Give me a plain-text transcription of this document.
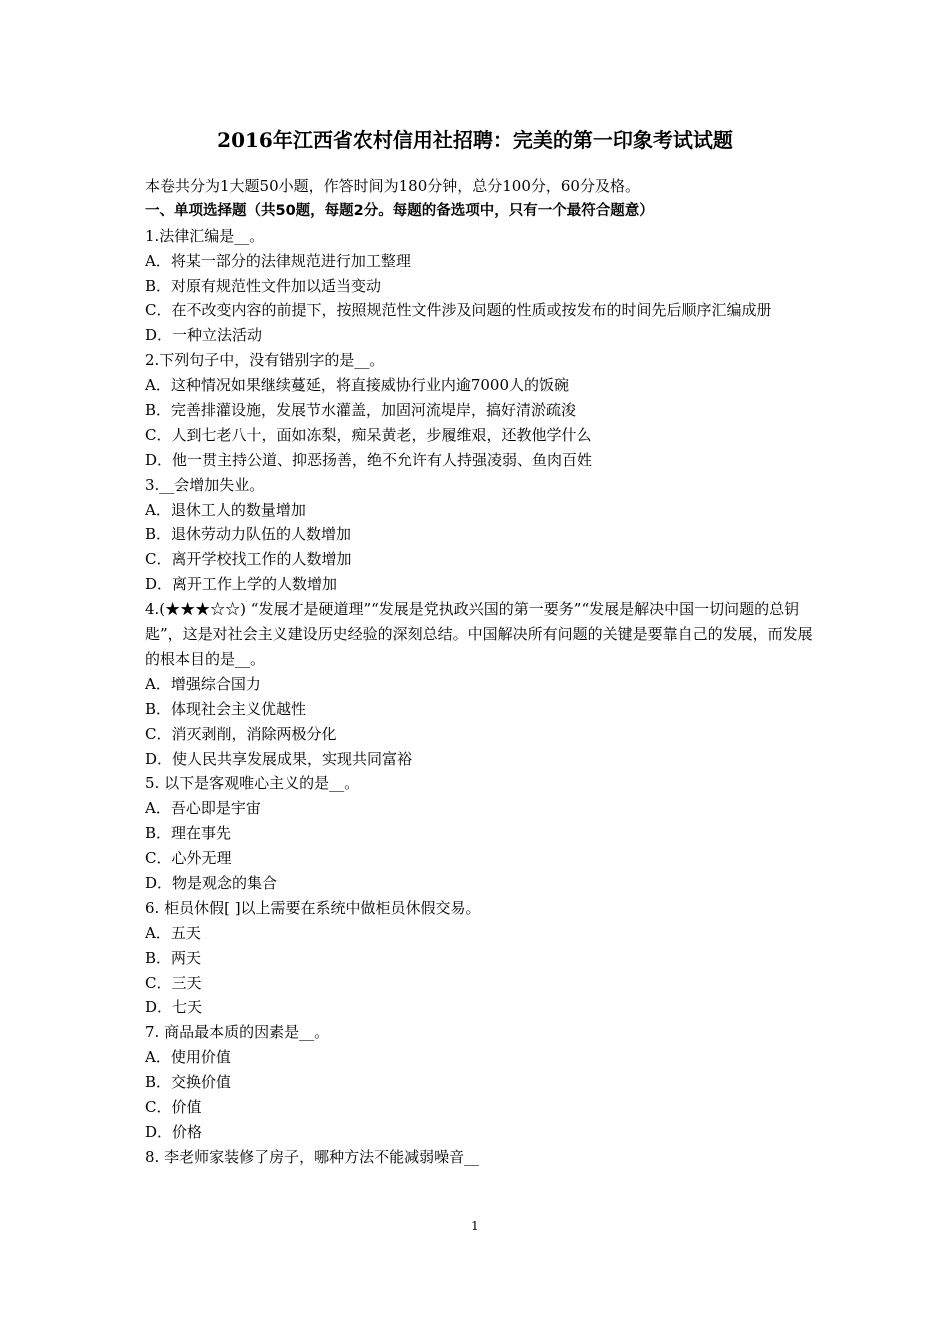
2016年江西省农村信用社招聘：完美的第一印象考试试题
本卷共分为1大题50小题，作答时间为180分钟，总分100分，60分及格。
一、单项选择题（共50题，每题2分。每题的备选项中，只有一个最符合题意）
1.法律汇编是__。
A．将某一部分的法律规范进行加工整理
B．对原有规范性文件加以适当变动
C．在不改变内容的前提下，按照规范性文件涉及问题的性质或按发布的时间先后顺序汇编成册
D．一种立法活动
2.下列句子中，没有错别字的是__。
A．这种情况如果继续蔓延，将直接威协行业内逾7000人的饭碗
B．完善排灌设施，发展节水灌盖，加固河流堤岸，搞好清淤疏浚
C．人到七老八十，面如冻梨，痴呆黄老，步履维艰，还教他学什么
D．他一贯主持公道、抑恶扬善，绝不允许有人持强凌弱、鱼肉百姓
3.__会增加失业。
A．退休工人的数量增加
B．退休劳动力队伍的人数增加
C．离开学校找工作的人数增加
D．离开工作上学的人数增加
4.(★★★☆☆) “发展才是硬道理”“发展是党执政兴国的第一要务”“发展是解决中国一切问题的总钥匙”，这是对社会主义建设历史经验的深刻总结。中国解决所有问题的关键是要靠自己的发展，而发展的根本目的是__。
A．增强综合国力
B．体现社会主义优越性
C．消灭剥削，消除两极分化
D．使人民共享发展成果，实现共同富裕
5. 以下是客观唯心主义的是__。
A．吾心即是宇宙
B．理在事先
C．心外无理
D．物是观念的集合
6. 柜员休假[ ]以上需要在系统中做柜员休假交易。
A．五天
B．两天
C．三天
D．七天
7. 商品最本质的因素是__。
A．使用价值
B．交换价值
C．价值
D．价格
8. 李老师家装修了房子，哪种方法不能减弱噪音__
1
